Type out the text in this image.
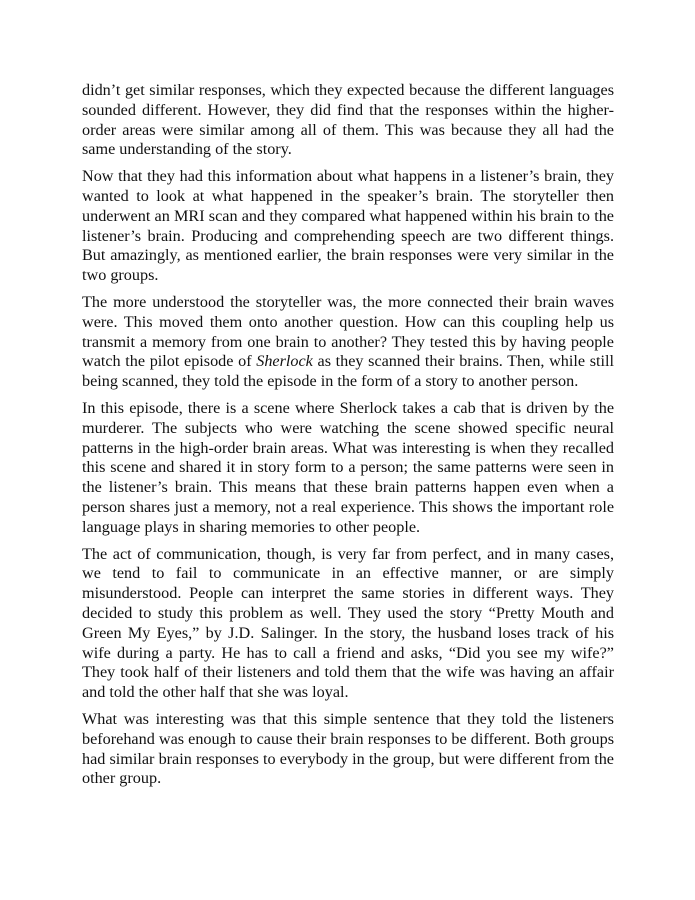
didn’t get similar responses, which they expected because the different languages sounded different. However, they did find that the responses within the higher-order areas were similar among all of them. This was because they all had the same understanding of the story.

Now that they had this information about what happens in a listener’s brain, they wanted to look at what happened in the speaker’s brain. The storyteller then underwent an MRI scan and they compared what happened within his brain to the listener’s brain. Producing and comprehending speech are two different things. But amazingly, as mentioned earlier, the brain responses were very similar in the two groups.

The more understood the storyteller was, the more connected their brain waves were. This moved them onto another question. How can this coupling help us transmit a memory from one brain to another? They tested this by having people watch the pilot episode of Sherlock as they scanned their brains. Then, while still being scanned, they told the episode in the form of a story to another person.

In this episode, there is a scene where Sherlock takes a cab that is driven by the murderer. The subjects who were watching the scene showed specific neural patterns in the high-order brain areas. What was interesting is when they recalled this scene and shared it in story form to a person; the same patterns were seen in the listener’s brain. This means that these brain patterns happen even when a person shares just a memory, not a real experience. This shows the important role language plays in sharing memories to other people.

The act of communication, though, is very far from perfect, and in many cases, we tend to fail to communicate in an effective manner, or are simply misunderstood. People can interpret the same stories in different ways. They decided to study this problem as well. They used the story “Pretty Mouth and Green My Eyes,” by J.D. Salinger. In the story, the husband loses track of his wife during a party. He has to call a friend and asks, “Did you see my wife?” They took half of their listeners and told them that the wife was having an affair and told the other half that she was loyal.

What was interesting was that this simple sentence that they told the listeners beforehand was enough to cause their brain responses to be different. Both groups had similar brain responses to everybody in the group, but were different from the other group.
